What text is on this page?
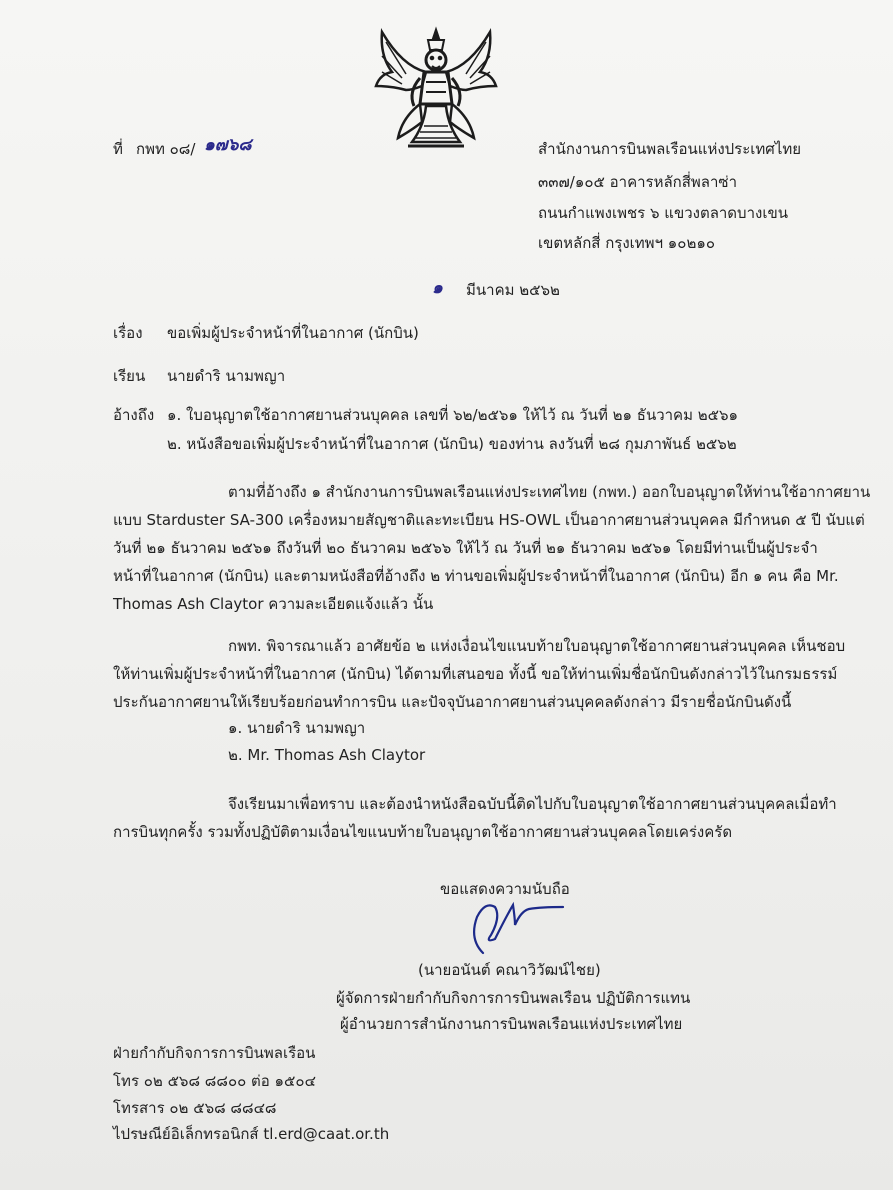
ที่ กพท ๐๘/ ๑๗๖๘	สำนักงานการบินพลเรือนแห่งประเทศไทย
๓๓๗/๑๐๕ อาคารหลักสี่พลาซ่า
ถนนกำแพงเพชร ๖ แขวงตลาดบางเขน
เขตหลักสี่ กรุงเทพฯ ๑๐๒๑๐
๑ มีนาคม ๒๕๖๒
เรื่อง ขอเพิ่มผู้ประจำหน้าที่ในอากาศ (นักบิน)
เรียน นายดำริ นามพญา
อ้างถึง ๑. ใบอนุญาตใช้อากาศยานส่วนบุคคล เลขที่ ๖๒/๒๕๖๑ ให้ไว้ ณ วันที่ ๒๑ ธันวาคม ๒๕๖๑
๒. หนังสือขอเพิ่มผู้ประจำหน้าที่ในอากาศ (นักบิน) ของท่าน ลงวันที่ ๒๘ กุมภาพันธ์ ๒๕๖๒
ตามที่อ้างถึง ๑ สำนักงานการบินพลเรือนแห่งประเทศไทย (กพท.) ออกใบอนุญาตให้ท่านใช้อากาศยาน
แบบ Starduster SA-300 เครื่องหมายสัญชาติและทะเบียน HS-OWL เป็นอากาศยานส่วนบุคคล มีกำหนด ๕ ปี นับแต่
วันที่ ๒๑ ธันวาคม ๒๕๖๑ ถึงวันที่ ๒๐ ธันวาคม ๒๕๖๖ ให้ไว้ ณ วันที่ ๒๑ ธันวาคม ๒๕๖๑ โดยมีท่านเป็นผู้ประจำ
หน้าที่ในอากาศ (นักบิน) และตามหนังสือที่อ้างถึง ๒ ท่านขอเพิ่มผู้ประจำหน้าที่ในอากาศ (นักบิน) อีก ๑ คน คือ Mr.
Thomas Ash Claytor ความละเอียดแจ้งแล้ว นั้น
กพท. พิจารณาแล้ว อาศัยข้อ ๒ แห่งเงื่อนไขแนบท้ายใบอนุญาตใช้อากาศยานส่วนบุคคล เห็นชอบ
ให้ท่านเพิ่มผู้ประจำหน้าที่ในอากาศ (นักบิน) ได้ตามที่เสนอขอ ทั้งนี้ ขอให้ท่านเพิ่มชื่อนักบินดังกล่าวไว้ในกรมธรรม์
ประกันอากาศยานให้เรียบร้อยก่อนทำการบิน และปัจจุบันอากาศยานส่วนบุคคลดังกล่าว มีรายชื่อนักบินดังนี้
๑. นายดำริ นามพญา
๒. Mr. Thomas Ash Claytor
จึงเรียนมาเพื่อทราบ และต้องนำหนังสือฉบับนี้ติดไปกับใบอนุญาตใช้อากาศยานส่วนบุคคลเมื่อทำ
การบินทุกครั้ง รวมทั้งปฏิบัติตามเงื่อนไขแนบท้ายใบอนุญาตใช้อากาศยานส่วนบุคคลโดยเคร่งครัด
ขอแสดงความนับถือ
(นายอนันต์ คณาวิวัฒน์ไชย)
ผู้จัดการฝ่ายกำกับกิจการการบินพลเรือน ปฏิบัติการแทน
ผู้อำนวยการสำนักงานการบินพลเรือนแห่งประเทศไทย
ฝ่ายกำกับกิจการการบินพลเรือน
โทร ๐๒ ๕๖๘ ๘๘๐๐ ต่อ ๑๕๐๔
โทรสาร ๐๒ ๕๖๘ ๘๘๔๘
ไปรษณีย์อิเล็กทรอนิกส์ tl.erd@caat.or.th
